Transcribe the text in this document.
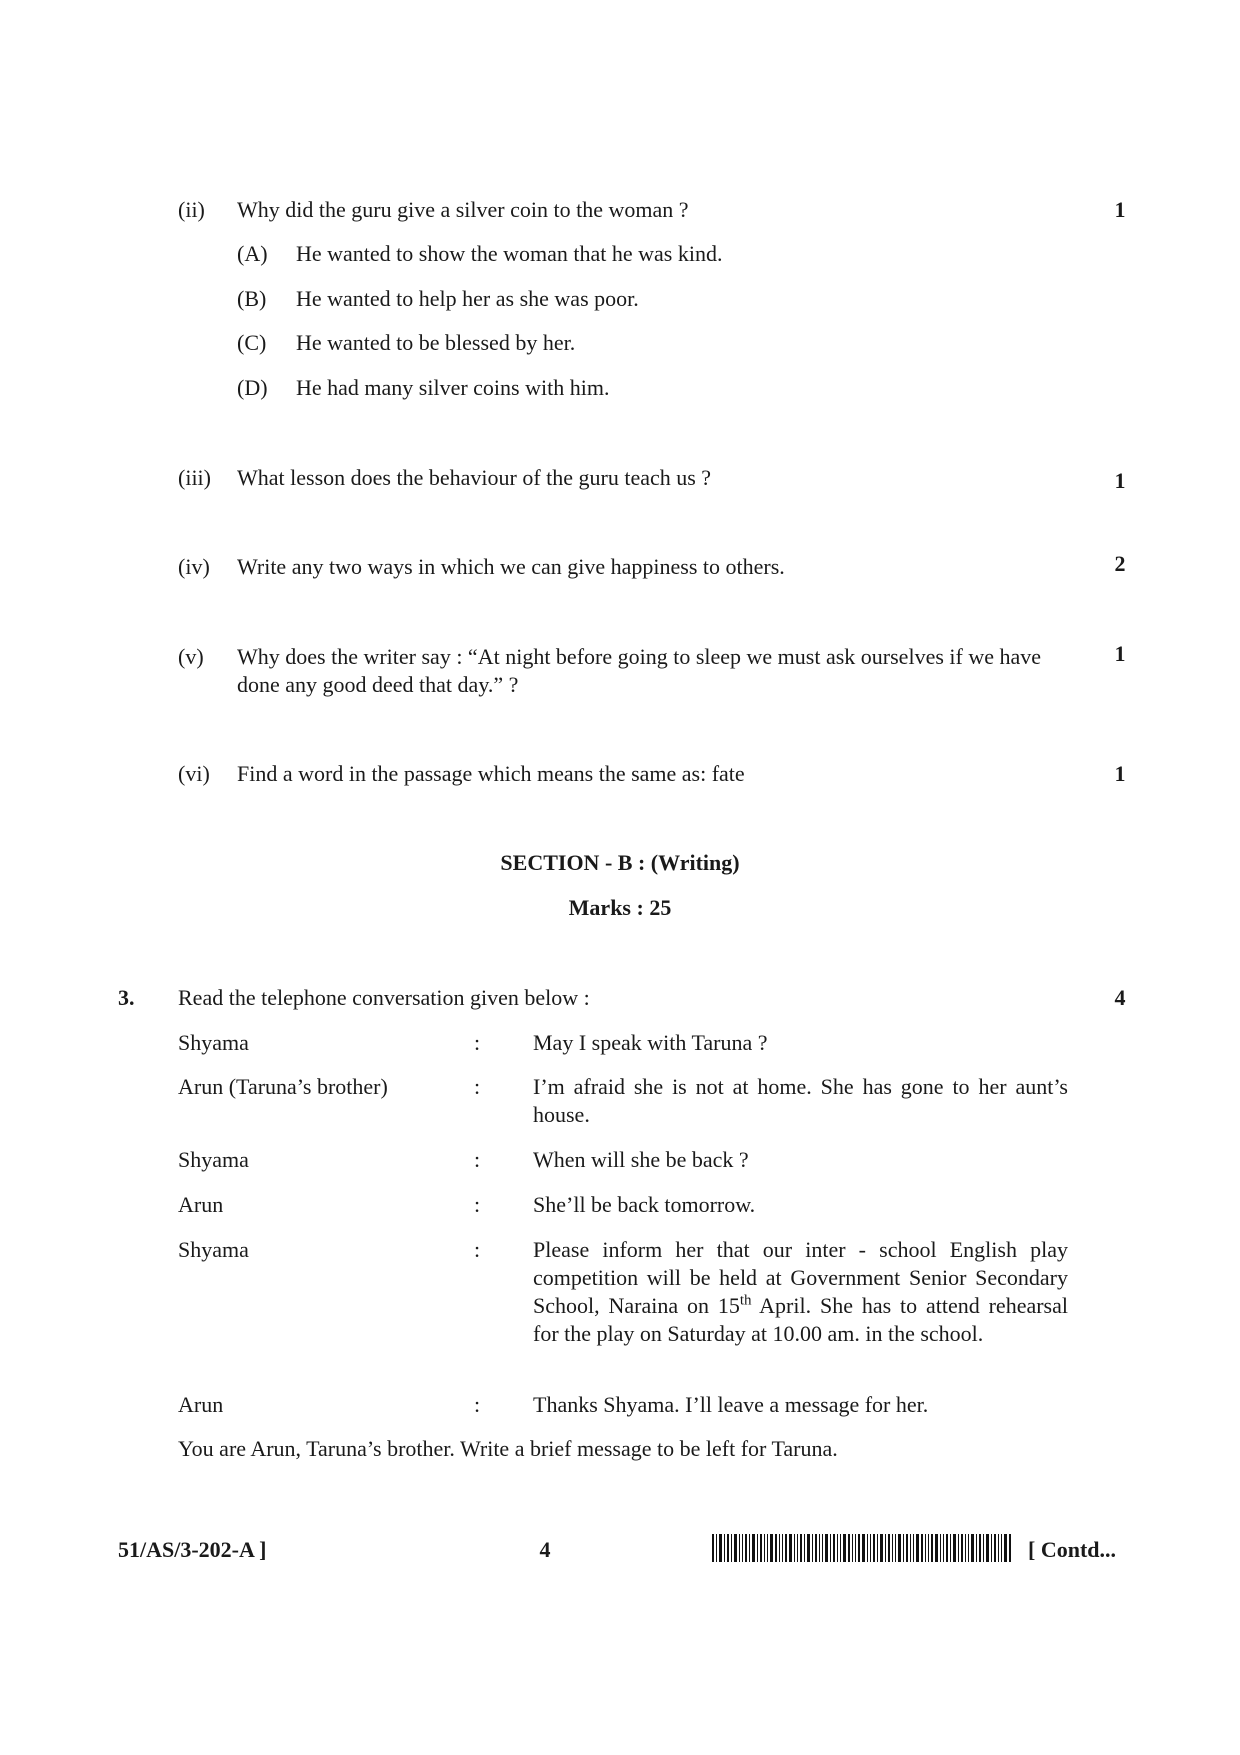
(ii) Why did the guru give a silver coin to the woman ?	1
(A) He wanted to show the woman that he was kind.
(B) He wanted to help her as she was poor.
(C) He wanted to be blessed by her.
(D) He had many silver coins with him.
(iii) What lesson does the behaviour of the guru teach us ?	1
(iv) Write any two ways in which we can give happiness to others.	2
(v) Why does the writer say : “At night before going to sleep we must ask ourselves if we have done any good deed that day.” ?
1
(vi) Find a word in the passage which means the same as: fate	1
SECTION - B : (Writing)
Marks : 25
3. Read the telephone conversation given below :	4
Shyama	: May I speak with Taruna ?
Arun (Taruna’s brother)	: I’m afraid she is not at home. She has gone to her aunt’s house.
Shyama	: When will she be back ?
Arun	: She’ll be back tomorrow.
Shyama	: Please inform her that our inter - school English play competition will be held at Government Senior Secondary School, Naraina on 15th April. She has to attend rehearsal for the play on Saturday at 10.00 am. in the school.
Arun	: Thanks Shyama. I’ll leave a message for her.
You are Arun, Taruna’s brother. Write a brief message to be left for Taruna.
51/AS/3-202-A ]	4	[ Contd...
